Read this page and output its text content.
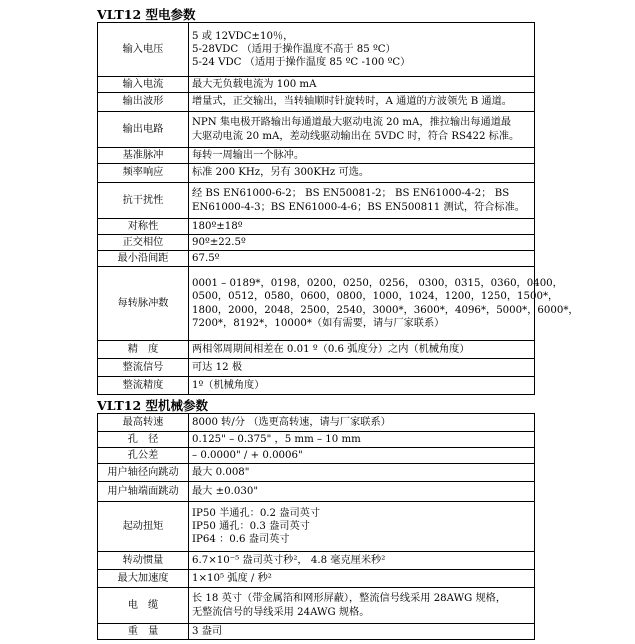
VLT12 型电参数
输入电压	5 或 12VDC±10％，
5-28VDC （适用于操作温度不高于 85 ºC）
5-24 VDC （适用于操作温度 85 ºC -100 ºC）

输入电流	最大无负载电流为 100 mA

输出波形	增量式，正交输出，当转轴顺时针旋转时，A 通道的方波领先 B 通道。

输出电路	NPN 集电极开路输出每通道最大驱动电流 20 mA，推拉输出每通道最
大驱动电流 20 mA，差动线驱动输出在 5VDC 时，符合 RS422 标准。

基准脉冲	每转一周输出一个脉冲。

频率响应	标准 200 KHz，另有 300KHz 可选。

抗干扰性	经 BS EN61000-6-2； BS EN50081-2； BS EN61000-4-2； BS
EN61000-4-3；BS EN61000-4-6；BS EN500811 测试，符合标准。

对称性	180º±18º

正交相位	90º±22.5º

最小沿间距	67.5º

每转脉冲数	0001 – 0189*，0198，0200，0250，0256， 0300，0315，0360，0400，
0500，0512，0580，0600，0800，1000，1024，1200，1250，1500*，
1800，2000，2048，2500，2540，3000*，3600*，4096*，5000*，6000*，
7200*，8192*，10000*（如有需要，请与厂家联系）

精　度	两相邻周期间相差在 0.01 º（0.6 弧度分）之内（机械角度）

整流信号	可达 12 极

整流精度	1º（机械角度）
VLT12 型机械参数
最高转速	8000 转/分 （选更高转速，请与厂家联系）

孔　径	0.125" – 0.375" ，5 mm – 10 mm

孔公差	– 0.0000" / + 0.0006"

用户轴径向跳动	最大 0.008"

用户轴端面跳动	最大 ±0.030"

起动扭矩	IP50 半通孔：0.2 盎司英寸
IP50 通孔：0.3 盎司英寸
IP64 ：0.6 盎司英寸

转动惯量	6.7×10⁻⁵ 盎司英寸秒²， 4.8 毫克厘米秒²

最大加速度	1×10⁵ 弧度 / 秒²

电　缆	长 18 英寸（带金属箔和网形屏蔽），整流信号线采用 28AWG 规格，
无整流信号的导线采用 24AWG 规格。

重　量	3 盎司
